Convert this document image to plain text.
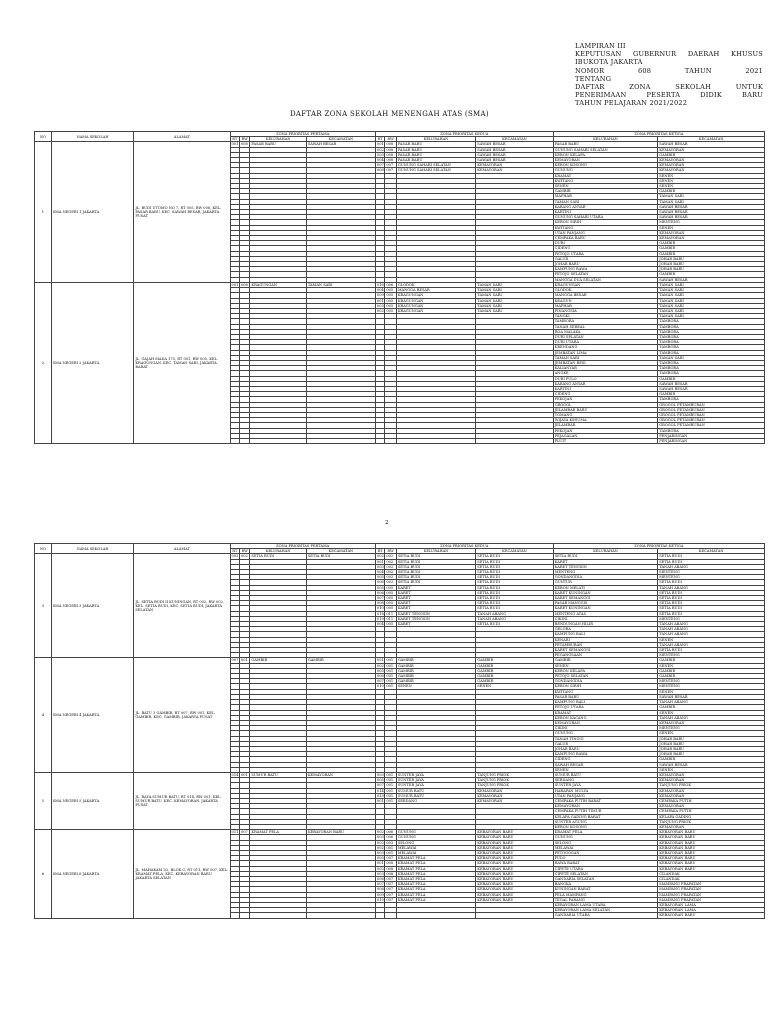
LAMPIRAN III
KEPUTUSAN GUBERNUR DAERAH KHUSUS
IBUKOTA JAKARTA
NOMOR 608 TAHUN 2021
TENTANG
DAFTAR ZONA SEKOLAH UNTUK
PENERIMAAN PESERTA DIDIK BARU
TAHUN PELAJARAN 2021/2022
DAFTAR ZONA SEKOLAH MENENGAH ATAS (SMA)
NO	NAMA SEKOLAH	ALAMAT	ZONA PRIORITAS PERTAMA				ZONA PRIORITAS KEDUA				ZONA PRIORITAS KETIGA	
			RT	RW	KELURAHAN	KECAMATAN	RT	RW	KELURAHAN	KECAMATAN	KELURAHAN	KECAMATAN
1	SMA NEGERI 1 JAKARTA	JL. BUDI UTOMO NO 7, RT 005, RW 008, KEL. PASAR BARU, KEC. SAWAH BESAR, JAKARTA PUSAT	001	008	PASAR BARU	SAWAH BESAR	001	008	PASAR BARU	SAWAH BESAR	PASAR BARU	SAWAH BESAR
							002	008	PASAR BARU	SAWAH BESAR	GUNUNG SAHARI SELATAN	KEMAYORAN
							003	008	PASAR BARU	SAWAH BESAR	KEBON KELAPA	GAMBIR
							004	008	PASAR BARU	SAWAH BESAR	KEMAYORAN	KEMAYORAN
							007	007	GUNUNG SAHARI SELATAN	KEMAYORAN	KEBON KOSONG	KEMAYORAN
							008	007	GUNUNG SAHARI SELATAN	KEMAYORAN	GUNUNG	KEMAYORAN
											KRAMAT	SENEN
											KWITANG	SENEN
											SENEN	SENEN
											GAMBIR	GAMBIR
											MAPHAR	TAMAN SARI
											TAMAN SARI	TAMAN SARI
											KARANG ANYAR	SAWAH BESAR
											KARTINI	SAWAH BESAR
											GUNUNG SAHARI UTARA	SAWAH BESAR
											KEBON SIRIH	MENTENG
											KWITANG	SENEN
											UTAN PANJANG	KEMAYORAN
											CEMPAKA BARU	KEMAYORAN
											DURI	GAMBIR
											CIDENG	GAMBIR
											PETOJO UTARA	GAMBIR
											GALUR	JOHAR BARU
											JOHAR BARU	JOHAR BARU
											KAMPUNG RAWA	JOHAR BARU
											PETOJO SELATAN	GAMBIR
											MANGGA DUA SELATAN	SAWAH BESAR
2	SMA NEGERI 2 JAKARTA	JL. GAJAH MADA 175, RT 001, RW 005, KEL. KRAGUNGAN, KEC. TAMAN SARI, JAKARTA BARAT	001	008	KRAGUNGAN	TAMAN SARI	016	006	GLODOK	TAMAN SARI	KRAGUNGAN	TAMAN SARI
							004	005	MANGGA BESAR	TAMAN SARI	GLODOK	TAMAN SARI
							009	005	KRAGUNGAN	TAMAN SARI	MANGGA BESAR	TAMAN SARI
							001	005	KRAGUNGAN	TAMAN SARI	KEAGUN	TAMAN SARI
							003	005	KRAGUNGAN	TAMAN SARI	MAPHAR	TAMAN SARI
							002	005	KRAGUNGAN	TAMAN SARI	PINANGSIA	TAMAN SARI
											TANGKI	TAMAN SARI
											TAMBORA	TAMBORA
											TANAH SEREAL	TAMBORA
											ROA MALAKA	TAMBORA
											DURI SELATAN	TAMBORA
											DURI UTARA	TAMBORA
											KRENDANG	TAMBORA
											JEMBATAN LIMA	TAMBORA
											TAMAN SARI	TAMAN SARI
											JEMBATAN BESI	TAMBORA
											KALIANYAR	TAMBORA
											ANGKE	TAMBORA
											DURI PULO	GAMBIR
											KARANG ANYAR	SAWAH BESAR
											KARTINI	SAWAH BESAR
											CIDENG	GAMBIR
											PEKOJAN	TAMBORA
											GROGOL	GROGOL PETAMBURAN
											JELAMBAR BARU	GROGOL PETAMBURAN
											TOMANG	GROGOL PETAMBURAN
											WIJAYA KESUMA	GROGOL PETAMBURAN
											JELAMBAR	GROGOL PETAMBURAN
											PEKOJAN	TAMBORA
											PEJAGALAN	PENJARINGAN
											PLUIT	PENJARINGAN
2
NO	NAMA SEKOLAH	ALAMAT	ZONA PRIORITAS PERTAMA				ZONA PRIORITAS KEDUA				ZONA PRIORITAS KETIGA	
			RT	RW	KELURAHAN	KECAMATAN	RT	RW	KELURAHAN	KECAMATAN	KELURAHAN	KECAMATAN
3	SMA NEGERI 3 JAKARTA	JL. SETIA BUDI II KUNINGAN, RT 002, RW 002, KEL. SETIA BUDI, KEC. SETIA BUDI, JAKARTA SELATAN	002	002	SETIA BUDI	SETIA BUDI	002	002	SETIA BUDI	SETIA BUDI	SETIA BUDI	SETIA BUDI
							001	002	SETIA BUDI	SETIA BUDI	KARET	SETIA BUDI
							003	002	SETIA BUDI	SETIA BUDI	KARET TENGSIN	TANAH ABANG
							004	002	SETIA BUDI	SETIA BUDI	MENTENG	MENTENG
							005	002	SETIA BUDI	SETIA BUDI	GONDANGDIA	MENTENG
							006	002	SETIA BUDI	SETIA BUDI	GUNTUR	SETIA BUDI
							005	005	KARET	SETIA BUDI	KEBON MELATI	TANAH ABANG
							006	005	KARET	SETIA BUDI	KARET KUNINGAN	SETIA BUDI
							007	005	KARET	SETIA BUDI	KARET SEMANGGI	SETIA BUDI
							008	005	KARET	SETIA BUDI	PASAR MANGGIS	SETIA BUDI
							010	005	KARET	SETIA BUDI	KARET KUNINGAN	SETIA BUDI
							018	011	KARET TENGSIN	TANAH ABANG	MENTENG ATAS	SETIA BUDI
							019	011	KARET TENGSIN	TANAH ABANG	CIKINI	MENTENG
							004	005	KARET	SETIA BUDI	BENDUNGAN HILIR	TANAH ABANG
											GELORA	TANAH ABANG
											KAMPUNG BALI	TANAH ABANG
											KENARI	SENEN
											PETAMBURAN	TANAH ABANG
											KARET SEMANGGI	SETIA BUDI
											PEGANGSAAN	MENTENG
4	SMA NEGERI 4 JAKARTA	JL. BATU 3 GAMBIR, RT 007, RW 001, KEL. GAMBIR, KEC. GAMBIR, JAKARTA PUSAT	007	001	GAMBIR	GAMBIR	001	001	GAMBIR	GAMBIR	GAMBIR	GAMBIR
							002	001	GAMBIR	GAMBIR	SENEN	SENEN
							005	001	GAMBIR	GAMBIR	KEBON KELAPA	GAMBIR
							006	001	GAMBIR	GAMBIR	PETOJO SELATAN	GAMBIR
							007	001	GAMBIR	GAMBIR	GONDANGDIA	MENTENG
							010	001	SENEN	SENEN	KEBON SIRIH	MENTENG
											KWITANG	SENEN
											PASAR BARU	SAWAH BESAR
											KAMPUNG BALI	TANAH ABANG
											PETOJO UTARA	GAMBIR
											KRAMAT	SENEN
											KEBON KACANG	TANAH ABANG
											KEMAYORAN	KEMAYORAN
											CIKINI	MENTENG
											GUNUNG	SENEN
											TANAH TINGGI	JOHAR BARU
											GALUR	JOHAR BARU
											JOHAR BARU	JOHAR BARU
											KAMPUNG RAWA	JOHAR BARU
											CIDENG	GAMBIR
											SAWAH BESAR	SAWAH BESAR
											SENEN	SENEN
5	SMA NEGERI 5 JAKARTA	JL. RAYA SUMUR BATU, RT 014, RW 001, KEL. SUMUR BATU, KEC. KEMAYORAN, JAKARTA PUSAT	014	001	SUMUR BATU	KEMAYORAN	003	001	SUNTER JAYA	TANJUNG PRIOK	SUMUR BATU	KEMAYORAN
							005	001	SUNTER JAYA	TANJUNG PRIOK	SERDANG	KEMAYORAN
							007	001	SUNTER JAYA	TANJUNG PRIOK	SUNTER JAYA	TANJUNG PRIOK
							014	001	SUMUR BATU	KEMAYORAN	HARAPAN MULYA	KEMAYORAN
							013	001	SUMUR BATU	KEMAYORAN	UTAN PANJANG	KEMAYORAN
							001	001	SERDANG	KEMAYORAN	CEMPAKA PUTIH BARAT	CEMPAKA PUTIH
											KEMAYORAN	KEMAYORAN
											CEMPAKA PUTIH TIMUR	CEMPAKA PUTIH
											KELAPA GADING BARAT	KELAPA GADING
											SUNTER AGUNG	TANJUNG PRIOK
											KEBON KOSONG	KEMAYORAN
6	SMA NEGERI 6 JAKARTA	JL. MAHAKAM I/2, BLOK C, RT 011, RW 007, KEL. KRAMAT PELA, KEC. KEBAYORAN BARU, JAKARTA SELATAN	011	007	KRAMAT PELA	KEBAYORAN BARU	002	006	GUNUNG	KEBAYORAN BARU	KRAMAT PELA	KEBAYORAN BARU
							003	006	GUNUNG	KEBAYORAN BARU	GUNUNG	KEBAYORAN BARU
							002	003	SELONG	KEBAYORAN BARU	SELONG	KEBAYORAN BARU
							002	001	MELAWAI	KEBAYORAN BARU	MELAWAI	KEBAYORAN BARU
							003	001	MELAWAI	KEBAYORAN BARU	PETOGOGAN	KEBAYORAN BARU
							005	007	KRAMAT PELA	KEBAYORAN BARU	PULO	KEBAYORAN BARU
							001	008	KRAMAT PELA	KEBAYORAN BARU	RAWA BARAT	KEBAYORAN BARU
							002	008	KRAMAT PELA	KEBAYORAN BARU	CIPETE UTARA	KEBAYORAN BARU
							003	008	KRAMAT PELA	KEBAYORAN BARU	CIPETE SELATAN	CILANDAK
							006	007	KRAMAT PELA	KEBAYORAN BARU	GANDARIA SELATAN	CILANDAK
							007	007	KRAMAT PELA	KEBAYORAN BARU	BANGKA	MAMPANG PRAPATAN
							008	007	KRAMAT PELA	KEBAYORAN BARU	KUNINGAN BARAT	MAMPANG PRAPATAN
							009	007	KRAMAT PELA	KEBAYORAN BARU	PELA MAMPANG	MAMPANG PRAPATAN
							010	007	KRAMAT PELA	KEBAYORAN BARU	TEGAL PARANG	MAMPANG PRAPATAN
											KEBAYORAN LAMA UTARA	KEBAYORAN LAMA
											KEBAYORAN LAMA SELATAN	KEBAYORAN LAMA
											GANDARIA UTARA	KEBAYORAN BARU
